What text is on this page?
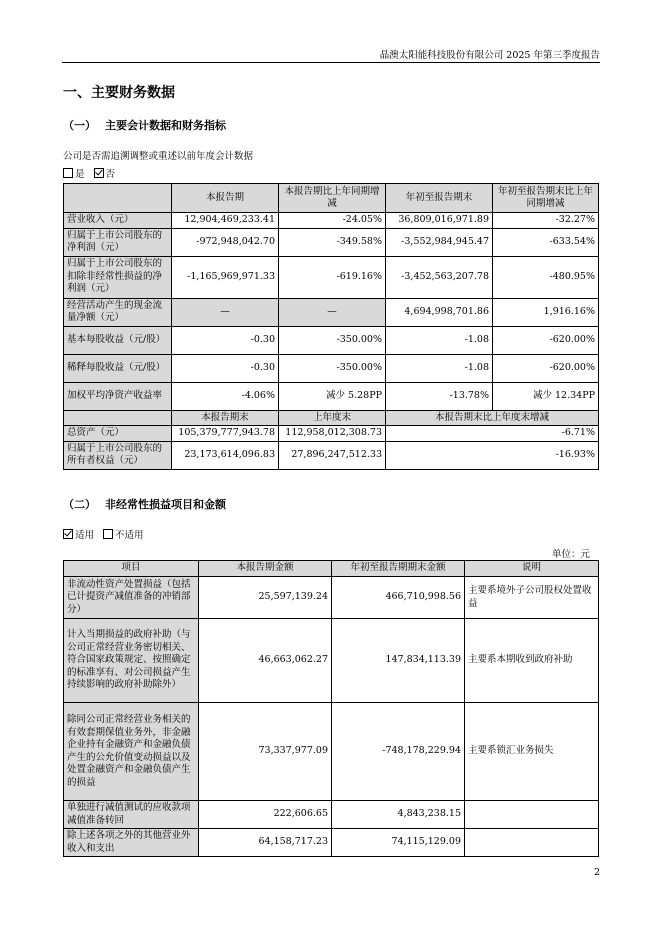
晶澳太阳能科技股份有限公司 2025 年第三季度报告
一、主要财务数据
（一） 主要会计数据和财务指标
公司是否需追溯调整或重述以前年度会计数据
是 否
	本报告期	本报告期比上年同期增减	年初至报告期末	年初至报告期末比上年同期增减
营业收入（元）	12,904,469,233.41	-24.05%	36,809,016,971.89	-32.27%
归属于上市公司股东的净利润（元）	-972,948,042.70	-349.58%	-3,552,984,945.47	-633.54%
归属于上市公司股东的扣除非经常性损益的净利润（元）	-1,165,969,971.33	-619.16%	-3,452,563,207.78	-480.95%
经营活动产生的现金流量净额（元）	—	—	4,694,998,701.86	1,916.16%
基本每股收益（元/股）	-0.30	-350.00%	-1.08	-620.00%
稀释每股收益（元/股）	-0.30	-350.00%	-1.08	-620.00%
加权平均净资产收益率	-4.06%	减少 5.28PP	-13.78%	减少 12.34PP
	本报告期末	上年度末	本报告期末比上年度末增减	
总资产（元）	105,379,777,943.78	112,958,012,308.73	-6.71%	
归属于上市公司股东的所有者权益（元）	23,173,614,096.83	27,896,247,512.33	-16.93%	
（二） 非经常性损益项目和金额
适用 不适用
单位：元
项目	本报告期金额	年初至报告期期末金额	说明
非流动性资产处置损益（包括已计提资产减值准备的冲销部分）	25,597,139.24	466,710,998.56	主要系境外子公司股权处置收益
计入当期损益的政府补助（与公司正常经营业务密切相关、符合国家政策规定、按照确定的标准享有、对公司损益产生持续影响的政府补助除外）	46,663,062.27	147,834,113.39	主要系本期收到政府补助
除同公司正常经营业务相关的有效套期保值业务外，非金融企业持有金融资产和金融负债产生的公允价值变动损益以及处置金融资产和金融负债产生的损益	73,337,977.09	-748,178,229.94	主要系锁汇业务损失
单独进行减值测试的应收款项减值准备转回	222,606.65	4,843,238.15	
除上述各项之外的其他营业外收入和支出	64,158,717.23	74,115,129.09	
2
